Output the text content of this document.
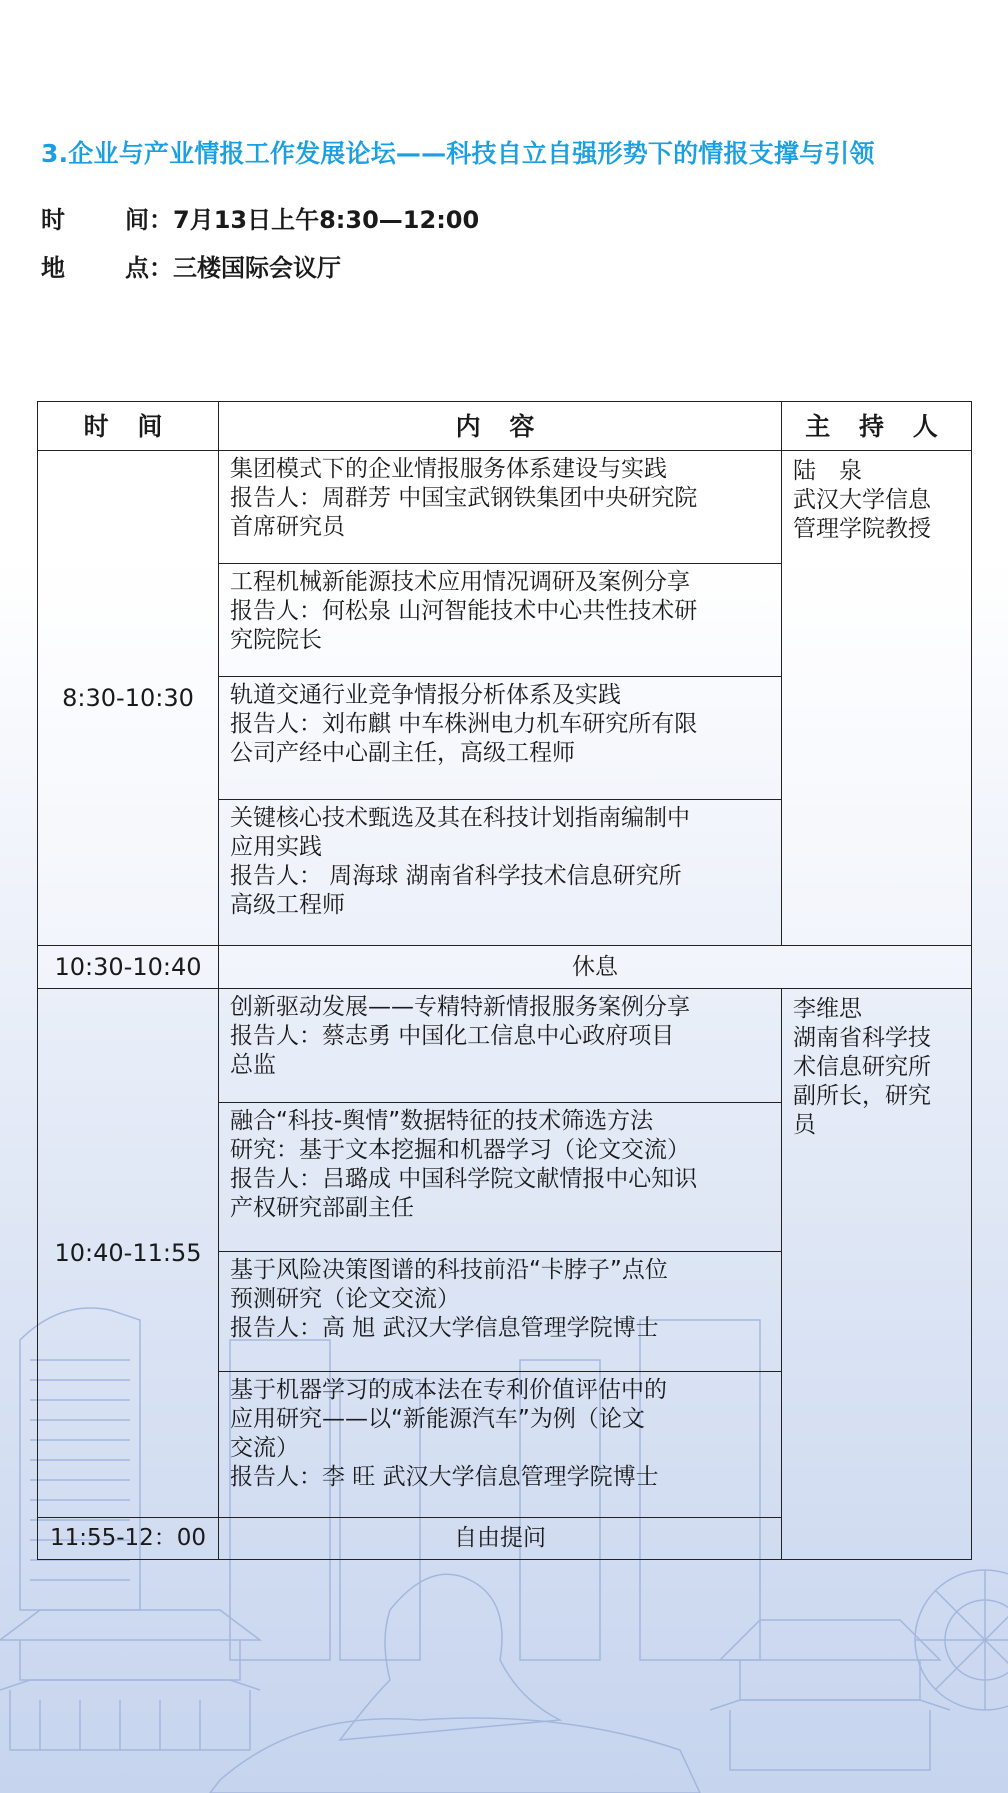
3.企业与产业情报工作发展论坛——科技自立自强形势下的情报支撑与引领
时	间：7月13日上午8:30—12:00
地	点：三楼国际会议厅
时 间	内 容	主 持 人
8:30-10:30	集团模式下的企业情报服务体系建设与实践
报告人：周群芳 中国宝武钢铁集团中央研究院
首席研究员	陆　泉
武汉大学信息
管理学院教授

	工程机械新能源技术应用情况调研及案例分享
报告人：何松泉 山河智能技术中心共性技术研
究院院长	

	轨道交通行业竞争情报分析体系及实践
报告人：刘布麒 中车株洲电力机车研究所有限
公司产经中心副主任，高级工程师	

	关键核心技术甄选及其在科技计划指南编制中
应用实践
报告人： 周海球 湖南省科学技术信息研究所
高级工程师	

10:30-10:40	休息	
10:40-11:55	创新驱动发展——专精特新情报服务案例分享
报告人：蔡志勇 中国化工信息中心政府项目
总监	李维思
湖南省科学技
术信息研究所
副所长，研究
员

	融合“科技-舆情”数据特征的技术筛选方法
研究：基于文本挖掘和机器学习（论文交流）
报告人：吕璐成 中国科学院文献情报中心知识
产权研究部副主任	

	基于风险决策图谱的科技前沿“卡脖子”点位
预测研究（论文交流）
报告人：高 旭 武汉大学信息管理学院博士	

	基于机器学习的成本法在专利价值评估中的
应用研究——以“新能源汽车”为例（论文
交流）
报告人：李 旺 武汉大学信息管理学院博士	

11:55-12：00	自由提问	
